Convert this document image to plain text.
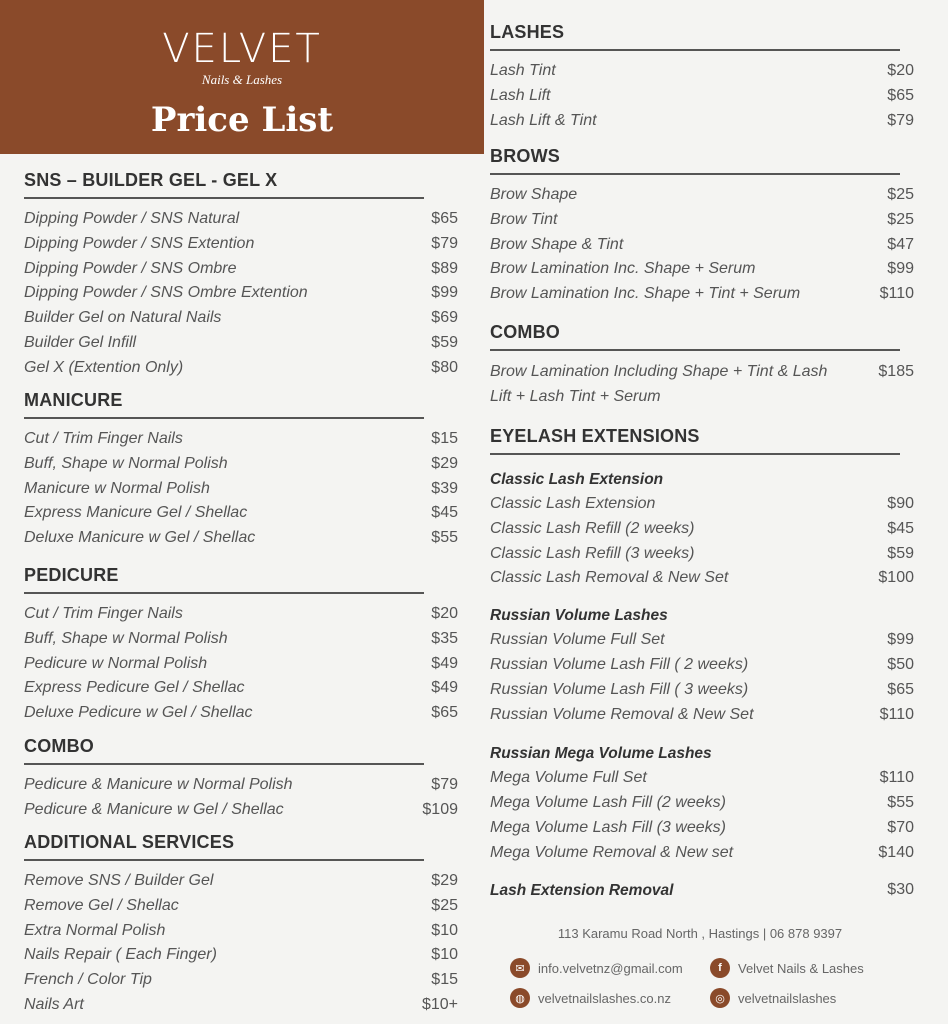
VELVET
Nails & Lashes
Price List
SNS – BUILDER GEL - GEL X
Dipping Powder / SNS Natural	$65
Dipping Powder / SNS Extention	$79
Dipping Powder / SNS Ombre	$89
Dipping Powder / SNS Ombre Extention	$99
Builder Gel on Natural Nails	$69
Builder Gel Infill	$59
Gel X (Extention Only)	$80
MANICURE
Cut / Trim Finger Nails	$15
Buff, Shape w Normal Polish	$29
Manicure w Normal Polish	$39
Express Manicure Gel / Shellac	$45
Deluxe Manicure w Gel / Shellac	$55
PEDICURE
Cut / Trim Finger Nails	$20
Buff, Shape w Normal Polish	$35
Pedicure w Normal Polish	$49
Express Pedicure Gel / Shellac	$49
Deluxe Pedicure w Gel / Shellac	$65
COMBO
Pedicure & Manicure w Normal Polish	$79
Pedicure & Manicure w Gel / Shellac	$109
ADDITIONAL SERVICES
Remove SNS / Builder Gel	$29
Remove Gel / Shellac	$25
Extra Normal Polish	$10
Nails Repair ( Each Finger)	$10
French / Color Tip	$15
Nails Art	$10+
LASHES
Lash Tint	$20
Lash Lift	$65
Lash Lift & Tint	$79
BROWS
Brow Shape	$25
Brow Tint	$25
Brow Shape & Tint	$47
Brow Lamination Inc. Shape + Serum	$99
Brow Lamination Inc. Shape + Tint + Serum	$110
COMBO
Brow Lamination Including Shape + Tint & Lash Lift + Lash Tint + Serum
$185
EYELASH EXTENSIONS
Classic Lash Extension
Classic Lash Extension	$90
Classic Lash Refill (2 weeks)	$45
Classic Lash Refill (3 weeks)	$59
Classic Lash Removal & New Set	$100
Russian Volume Lashes
Russian Volume Full Set	$99
Russian Volume Lash Fill ( 2 weeks)	$50
Russian Volume Lash Fill ( 3 weeks)	$65
Russian Volume Removal & New Set	$110
Russian Mega Volume Lashes
Mega Volume Full Set	$110
Mega Volume Lash Fill (2 weeks)	$55
Mega Volume Lash Fill (3 weeks)	$70
Mega Volume Removal & New set	$140
Lash Extension Removal	$30
113 Karamu Road North , Hastings | 06 878 9397
✉	info.velvetnz@gmail.com	f	Velvet Nails & Lashes
◍	velvetnailslashes.co.nz	◎	velvetnailslashes
